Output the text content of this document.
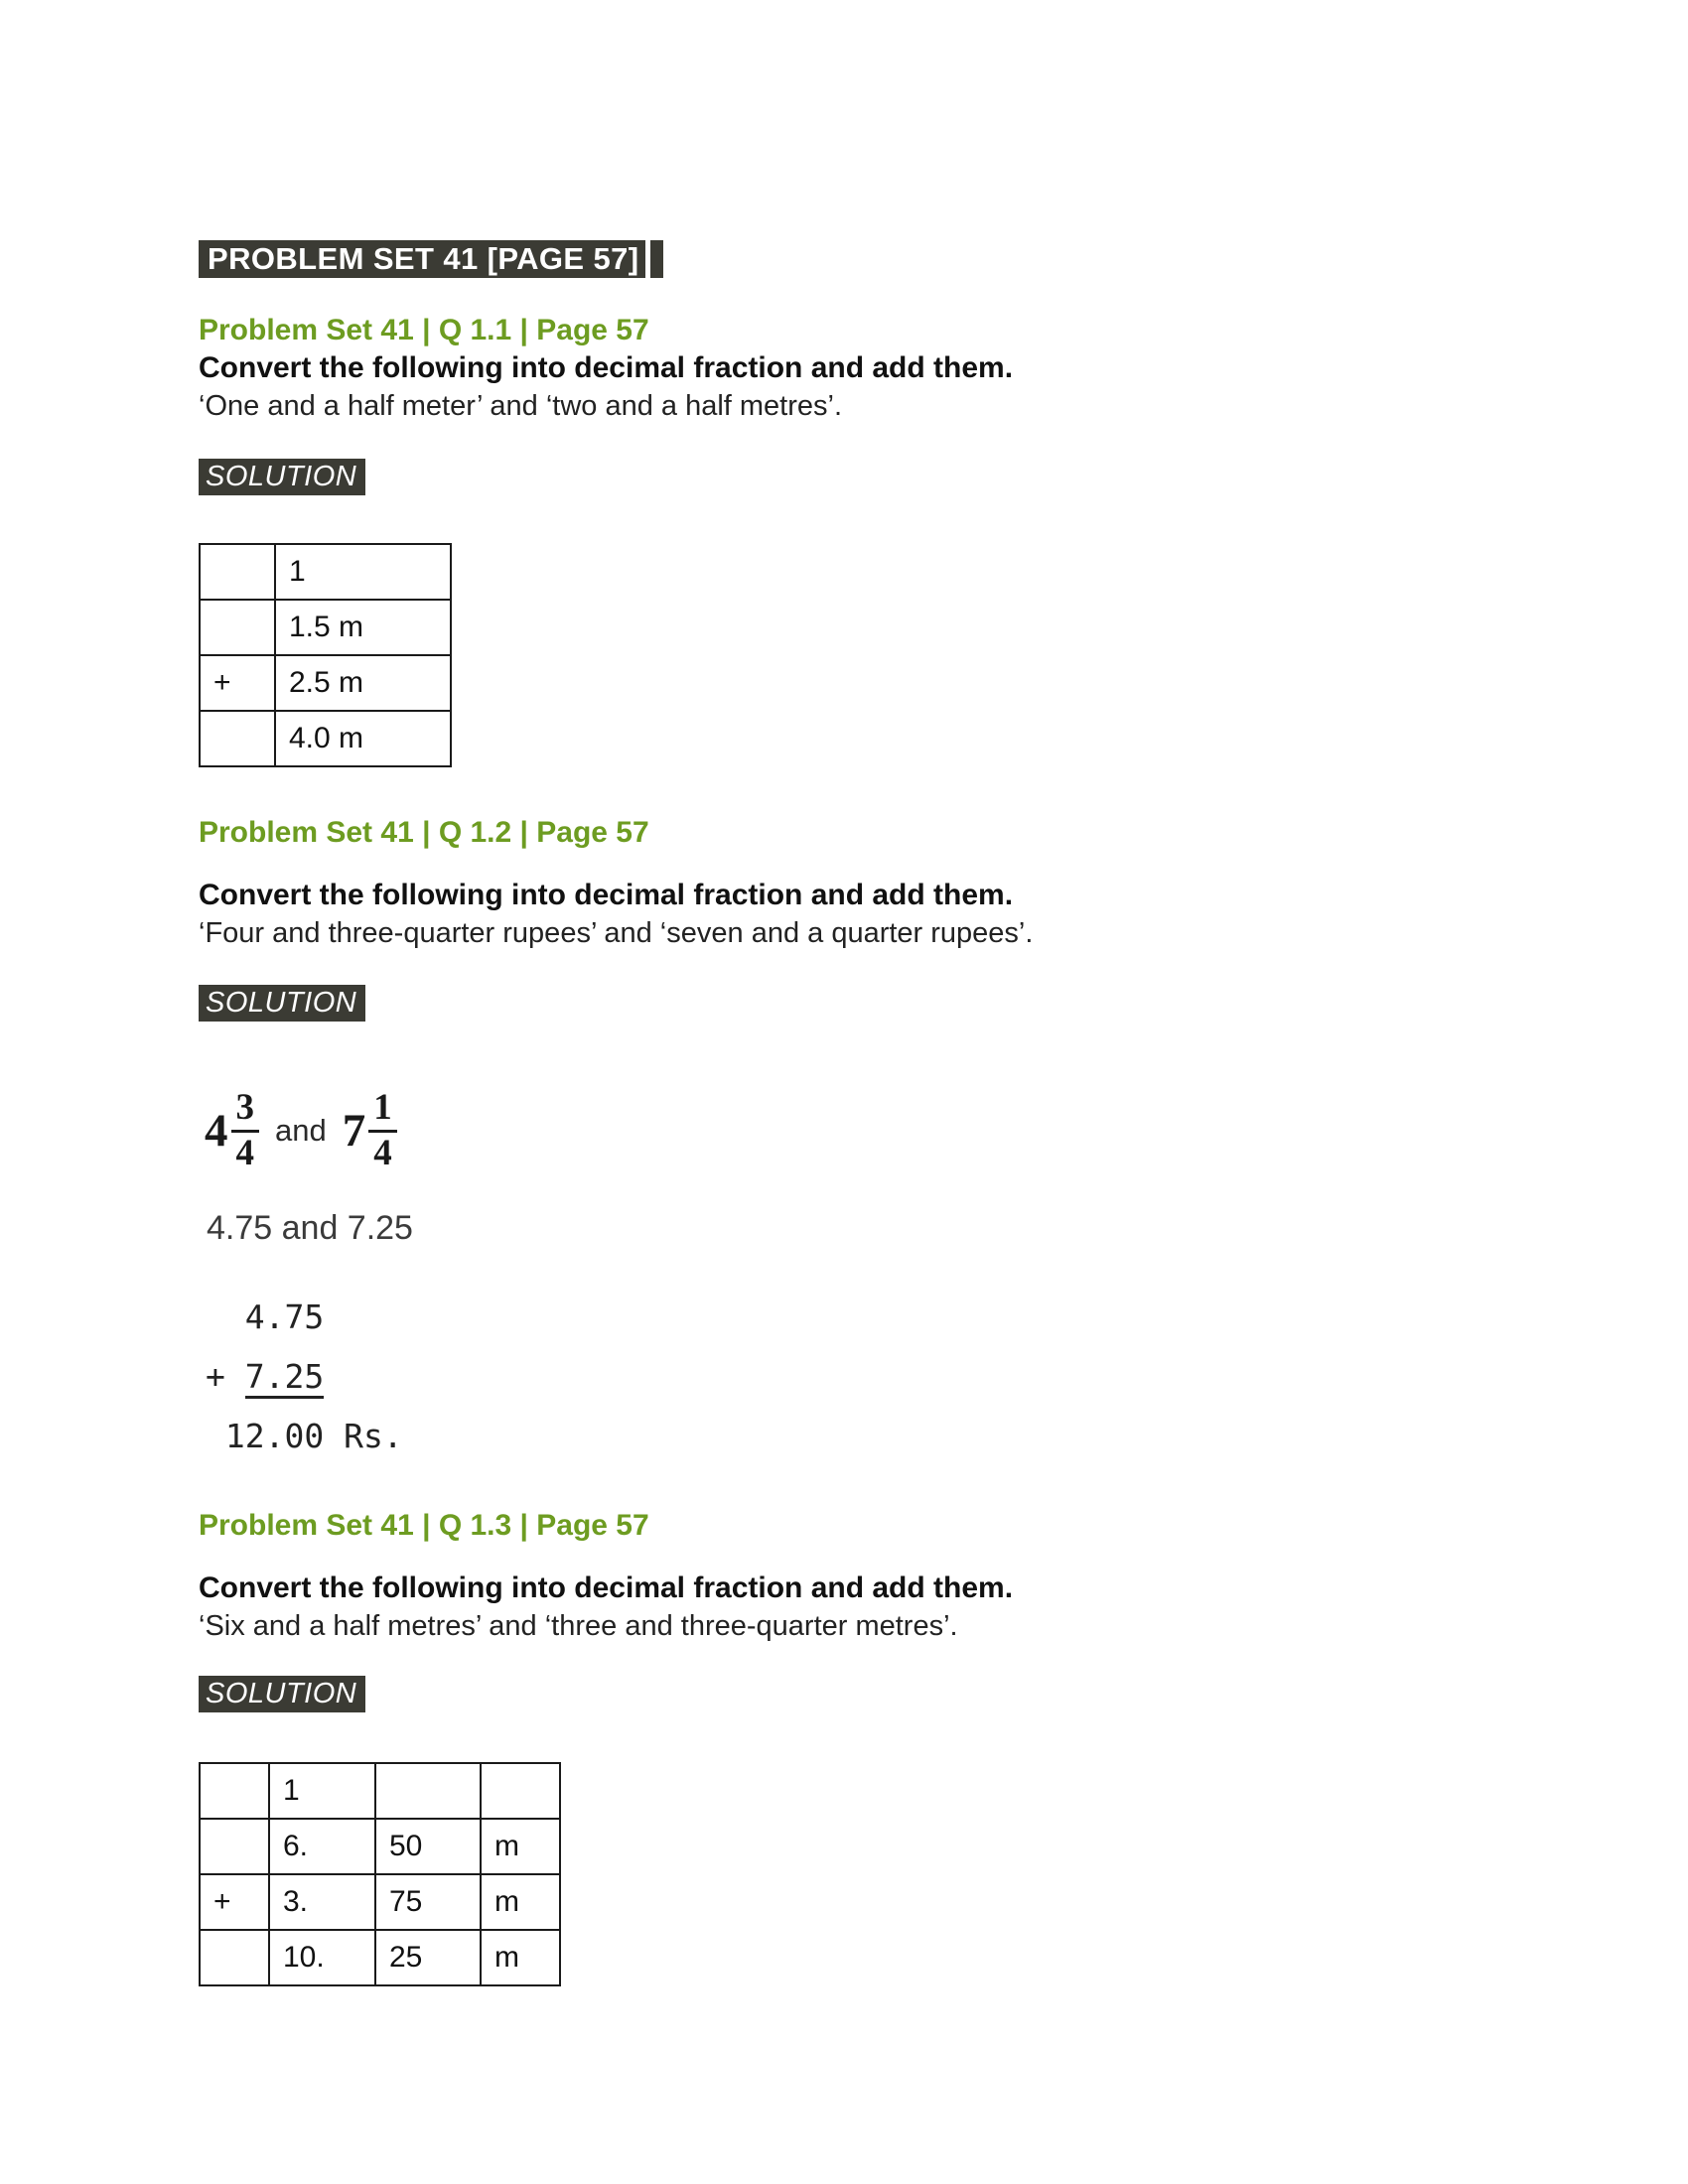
PROBLEM SET 41 [PAGE 57]
Problem Set 41 | Q 1.1 | Page 57

Convert the following into decimal fraction and add them.

‘One and a half meter’ and ‘two and a half metres’.

SOLUTION
	1
	1.5 m
+	2.5 m
	4.0 m
Problem Set 41 | Q 1.2 | Page 57

Convert the following into decimal fraction and add them.

‘Four and three-quarter rupees’ and ‘seven and a quarter rupees’.

SOLUTION
$4 \frac{3}{4}$ and $7 \frac{1}{4}$
4.75 and 7.25
4.75
+ 7.25
12.00 Rs.
Problem Set 41 | Q 1.3 | Page 57

Convert the following into decimal fraction and add them.

‘Six and a half metres’ and ‘three and three-quarter metres’.

SOLUTION
	1		
	6.	50	m
+	3.	75	m
	10.	25	m
